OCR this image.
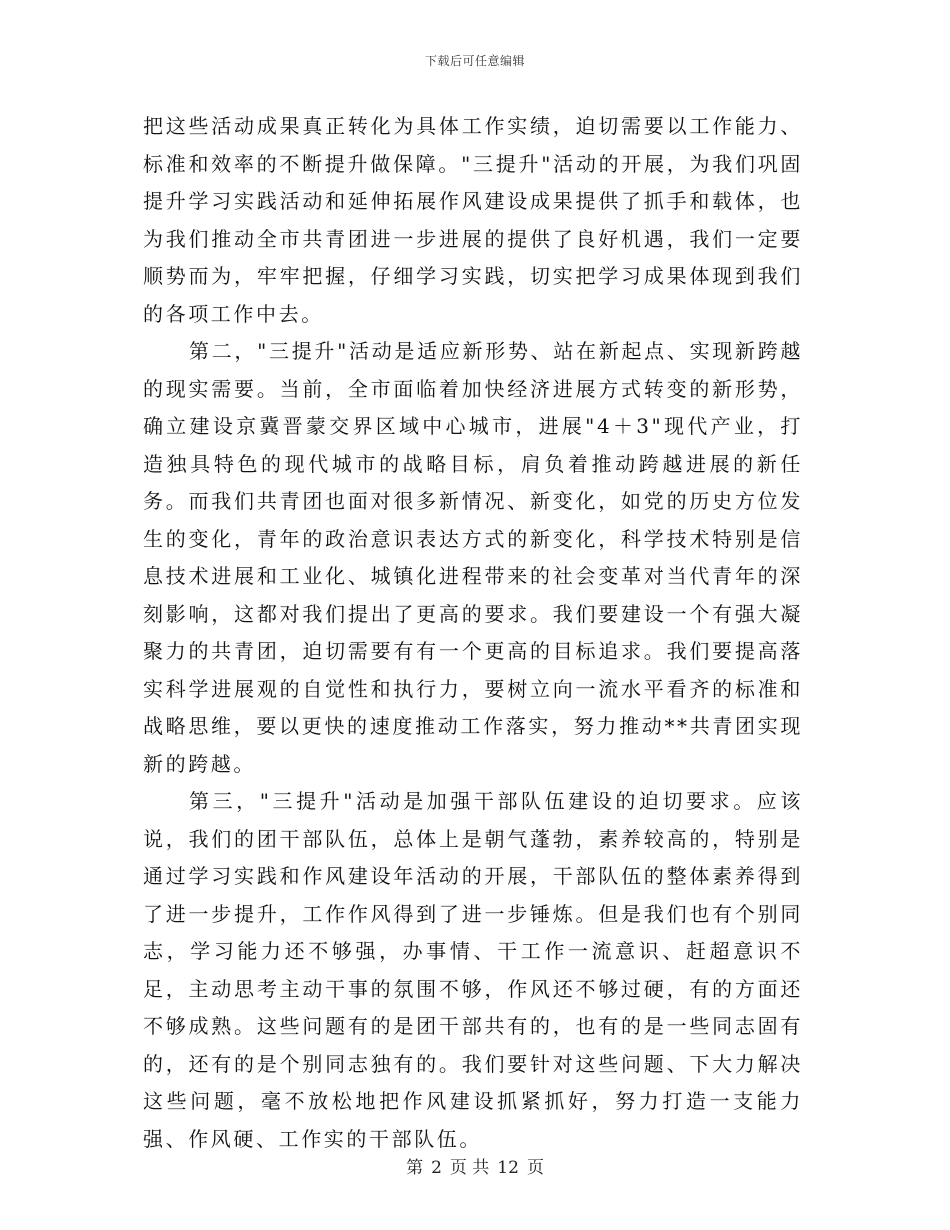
下载后可任意编辑

把这些活动成果真正转化为具体工作实绩，迫切需要以工作能力、标准和效率的不断提升做保障。"三提升"活动的开展，为我们巩固提升学习实践活动和延伸拓展作风建设成果提供了抓手和载体，也为我们推动全市共青团进一步进展的提供了良好机遇，我们一定要顺势而为，牢牢把握，仔细学习实践，切实把学习成果体现到我们的各项工作中去。

第二，"三提升"活动是适应新形势、站在新起点、实现新跨越的现实需要。当前，全市面临着加快经济进展方式转变的新形势，确立建设京冀晋蒙交界区域中心城市，进展"4＋3"现代产业，打造独具特色的现代城市的战略目标，肩负着推动跨越进展的新任务。而我们共青团也面对很多新情况、新变化，如党的历史方位发生的变化，青年的政治意识表达方式的新变化，科学技术特别是信息技术进展和工业化、城镇化进程带来的社会变革对当代青年的深刻影响，这都对我们提出了更高的要求。我们要建设一个有强大凝聚力的共青团，迫切需要有有一个更高的目标追求。我们要提高落实科学进展观的自觉性和执行力，要树立向一流水平看齐的标准和战略思维，要以更快的速度推动工作落实，努力推动**共青团实现新的跨越。

第三，"三提升"活动是加强干部队伍建设的迫切要求。应该说，我们的团干部队伍，总体上是朝气蓬勃，素养较高的，特别是通过学习实践和作风建设年活动的开展，干部队伍的整体素养得到了进一步提升，工作作风得到了进一步锤炼。但是我们也有个别同志，学习能力还不够强，办事情、干工作一流意识、赶超意识不足，主动思考主动干事的氛围不够，作风还不够过硬，有的方面还不够成熟。这些问题有的是团干部共有的，也有的是一些同志固有的，还有的是个别同志独有的。我们要针对这些问题、下大力解决这些问题，毫不放松地把作风建设抓紧抓好，努力打造一支能力强、作风硬、工作实的干部队伍。

第 2 页 共 12 页
